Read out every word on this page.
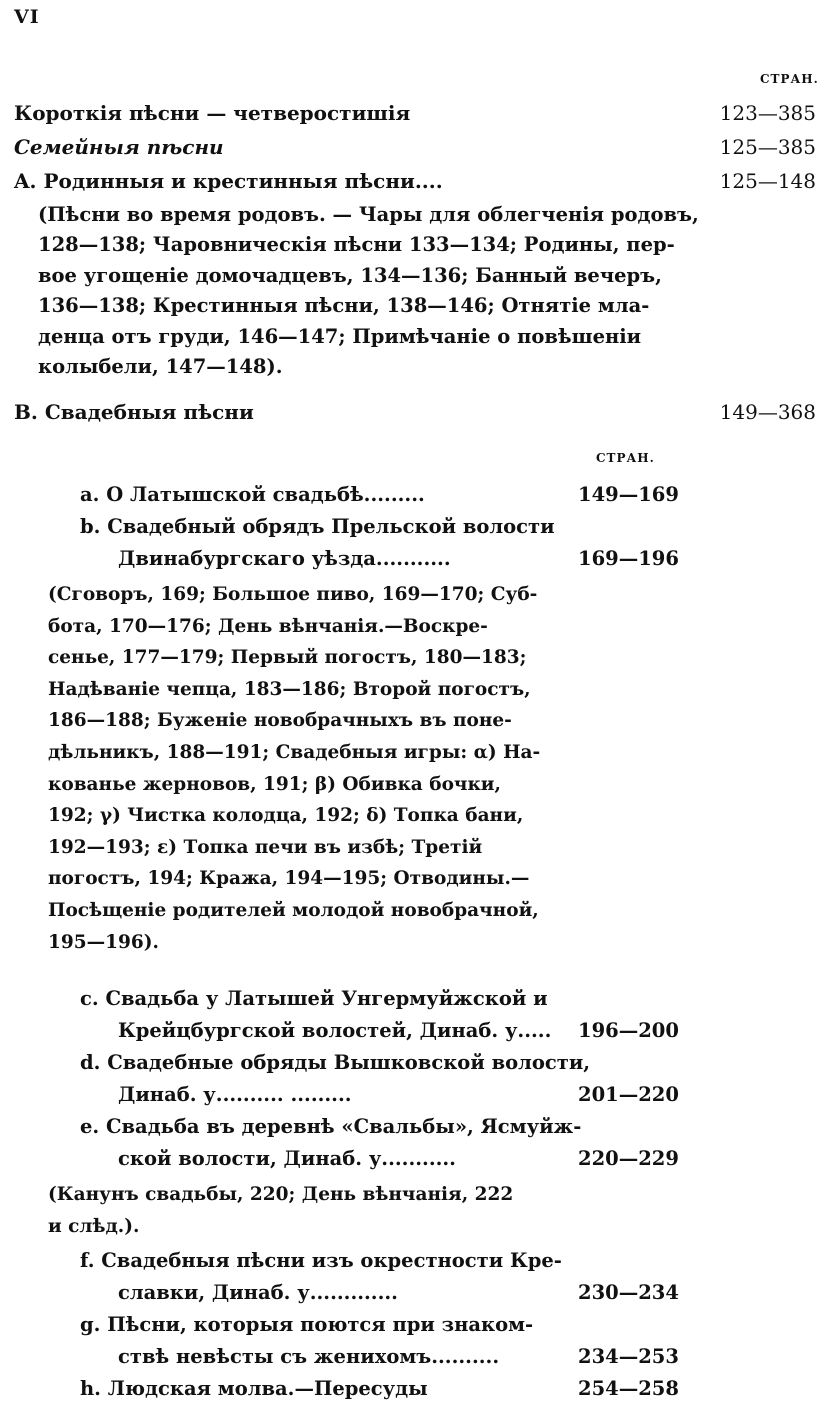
VI
СТРАН.
Короткія пѣсни — четверостишія	123—385
Семейныя пѣсни	125—385
A. Родинныя и крестинныя пѣсни....	125—148
(Пѣсни во время родовъ. — Чары для облегченія родовъ,
128—138; Чаровническія пѣсни 133—134; Родины, пер-
вое угощеніе домочадцевъ, 134—136; Банный вечеръ,
136—138; Крестинныя пѣсни, 138—146; Отнятіе мла-
денца отъ груди, 146—147; Примѣчаніе о повѣшеніи
колыбели, 147—148).
B. Свадебныя пѣсни	149—368
СТРАН.
a. O Латышской свадьбѣ.........	149—169
b. Свадебный обрядъ Прельской волости
Двинабургскаго уѣзда...........	169—196
(Сговоръ, 169; Большое пиво, 169—170; Суб-
бота, 170—176; День вѣнчанія.—Воскре-
сенье, 177—179; Первый погостъ, 180—183;
Надѣваніе чепца, 183—186; Второй погостъ,
186—188; Буженіе новобрачныхъ въ поне-
дѣльникъ, 188—191; Свадебныя игры: α) На-
кованье жерновов, 191; β) Обивка бочки,
192; γ) Чистка колодца, 192; δ) Топка бани,
192—193; ε) Топка печи въ избѣ; Третій
погостъ, 194; Кража, 194—195; Отводины.—
Посѣщеніе родителей молодой новобрачной,
195—196).
c. Свадьба у Латышей Унгермуйжской и
Крейцбургской волостей, Динаб. у..... 196—200
d. Свадебные обряды Вышковской волости,
Динаб. у.......... .........	201—220
e. Свадьба въ деревнѣ «Свальбы», Ясмуйж-
ской волости, Динаб. у...........	220—229
(Канунъ свадьбы, 220; День вѣнчанія, 222
и слѣд.).
f. Свадебныя пѣсни изъ окрестности Кре-
славки, Динаб. у.............	230—234
g. Пѣсни, которыя поются при знаком-
ствѣ невѣсты съ женихомъ..........	234—253
h. Людская молва.—Пересуды	254—258
